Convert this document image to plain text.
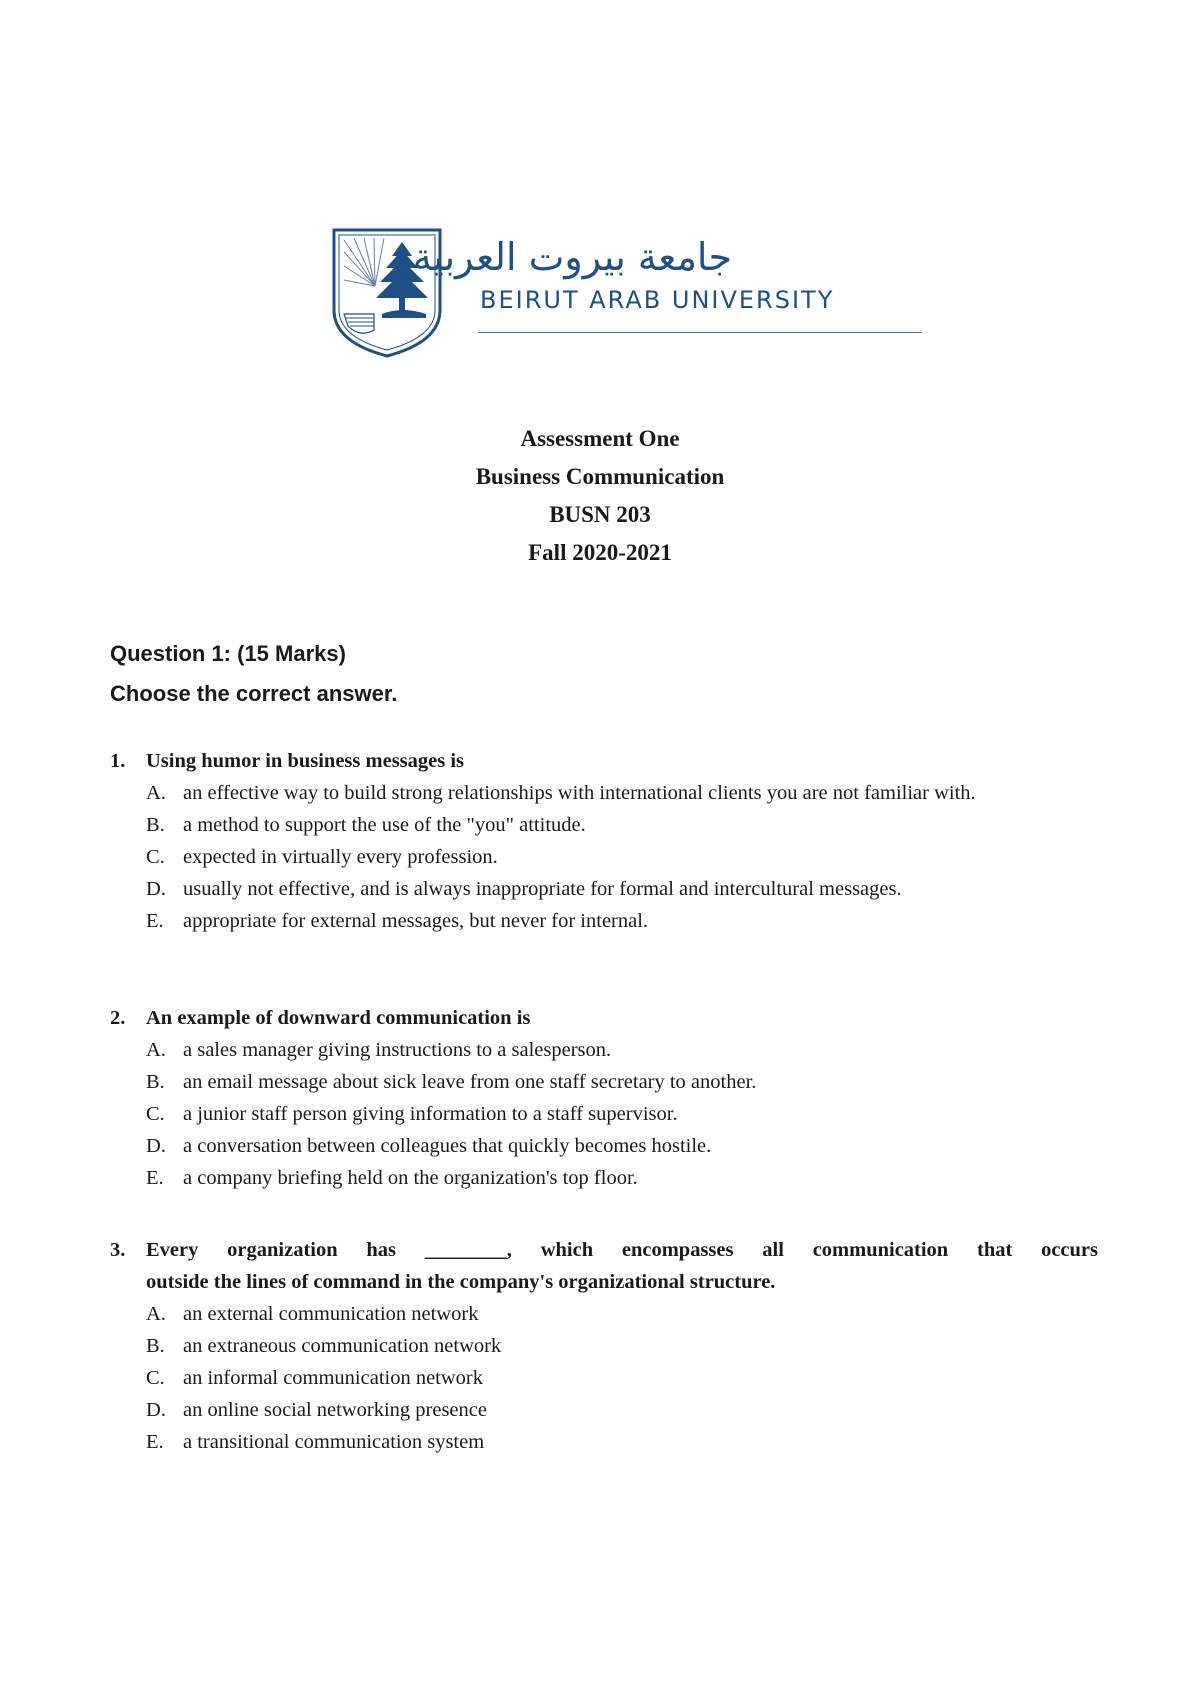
جامعة بيروت العربية
BEIRUT ARAB UNIVERSITY
Assessment One
Business Communication
BUSN 203
Fall 2020-2021
Question 1: (15 Marks)
Choose the correct answer.
1.	Using humor in business messages is
A. an effective way to build strong relationships with international clients you are not familiar with.
B. a method to support the use of the "you" attitude.
C. expected in virtually every profession.
D. usually not effective, and is always inappropriate for formal and intercultural messages.
E. appropriate for external messages, but never for internal.
2.	An example of downward communication is
A. a sales manager giving instructions to a salesperson.
B. an email message about sick leave from one staff secretary to another.
C. a junior staff person giving information to a staff supervisor.
D. a conversation between colleagues that quickly becomes hostile.
E. a company briefing held on the organization's top floor.
3.	Every organization has ________, which encompasses all communication that occurs
outside the lines of command in the company's organizational structure.
A. an external communication network
B. an extraneous communication network
C. an informal communication network
D. an online social networking presence
E. a transitional communication system
